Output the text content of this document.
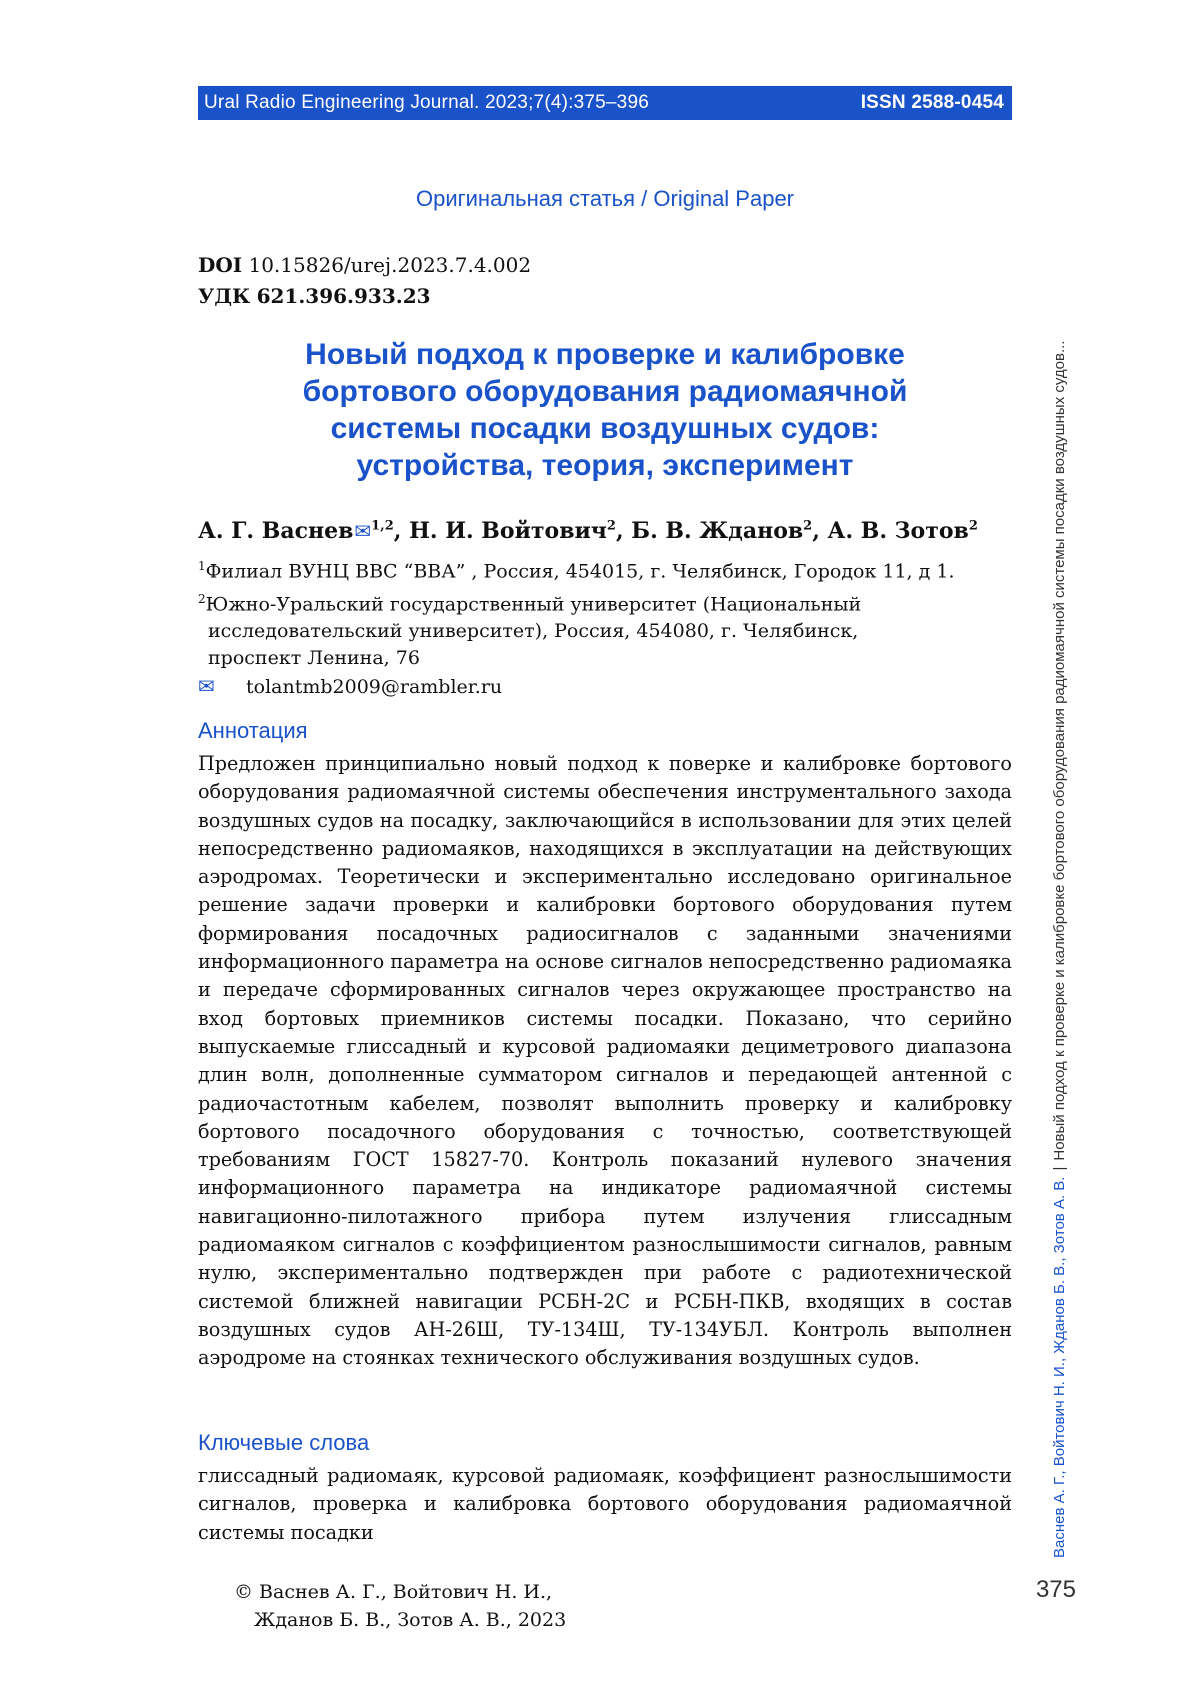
Ural Radio Engineering Journal. 2023;7(4):375–396	ISSN 2588-0454
Оригинальная статья / Original Paper
DOI 10.15826/urej.2023.7.4.002
УДК 621.396.933.23
Новый подход к проверке и калибровке
бортового оборудования радиомаячной
системы посадки воздушных судов:
устройства, теория, эксперимент
А. Г. Васнев✉1,2, Н. И. Войтович2, Б. В. Жданов2, А. В. Зотов2
1Филиал ВУНЦ ВВС “ВВА” , Россия, 454015, г. Челябинск, Городок 11, д 1.
2Южно-Уральский государственный университет (Национальный
исследовательский университет), Россия, 454080, г. Челябинск,
проспект Ленина, 76
✉ tolantmb2009@rambler.ru
Аннотация

Предложен принципиально новый подход к поверке и калибровке бортового оборудования радиомаячной системы обеспечения инструментального захода воздушных судов на посадку, заключающийся в использовании для этих целей непосредственно радиомаяков, находящихся в эксплуатации на действующих аэродромах. Теоретически и экспериментально исследовано оригинальное решение задачи проверки и калибровки бортового оборудования путем формирования посадочных радиосигналов с заданными значениями информационного параметра на основе сигналов непосредственно радиомаяка и передаче сформированных сигналов через окружающее пространство на вход бортовых приемников системы посадки. Показано, что серийно выпускаемые глиссадный и курсовой радиомаяки дециметрового диапазона длин волн, дополненные сумматором сигналов и передающей антенной с радиочастотным кабелем, позволят выполнить проверку и калибровку бортового посадочного оборудования с точностью, соответствующей требованиям ГОСТ 15827-70. Контроль показаний нулевого значения информационного параметра на индикаторе радиомаячной системы навигационно-пилотажного прибора путем излучения глиссадным радиомаяком сигналов с коэффициентом разнослышимости сигналов, равным нулю, экспериментально подтвержден при работе с радиотехнической системой ближней навигации РСБН-2С и РСБН-ПКВ, входящих в состав воздушных судов АН-26Ш, ТУ-134Ш, ТУ-134УБЛ. Контроль выполнен аэродроме на стоянках технического обслуживания воздушных судов.

Ключевые слова

глиссадный радиомаяк, курсовой радиомаяк, коэффициент разнослышимости сигналов, проверка и калибровка бортового оборудования радиомаячной системы посадки

© Васнев А. Г., Войтович Н. И.,
Жданов Б. В., Зотов А. В., 2023
375
Васнев А. Г., Войтович Н. И., Жданов Б. В., Зотов А. В.|Новый подход к проверке и калибровке бортового оборудования радиомаячной системы посадки воздушных судов...
